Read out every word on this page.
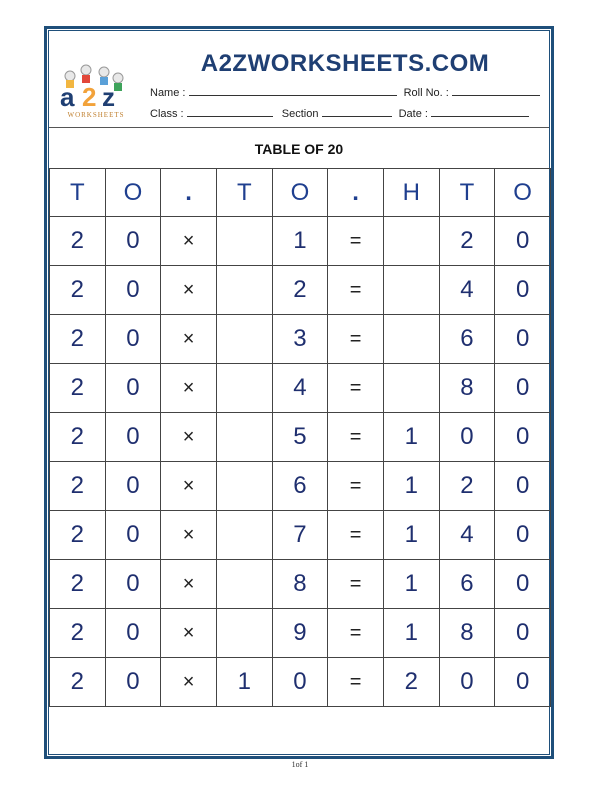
a 2 z
WORKSHEETS
A2ZWORKSHEETS.COM
Name :	Roll No. :
Class :	Section	Date :
TABLE OF 20
T	O	.	T	O	.	H	T	O
2	0	×		1	=		2	0
2	0	×		2	=		4	0
2	0	×		3	=		6	0
2	0	×		4	=		8	0
2	0	×		5	=	1	0	0
2	0	×		6	=	1	2	0
2	0	×		7	=	1	4	0
2	0	×		8	=	1	6	0
2	0	×		9	=	1	8	0
2	0	×	1	0	=	2	0	0
1of 1
